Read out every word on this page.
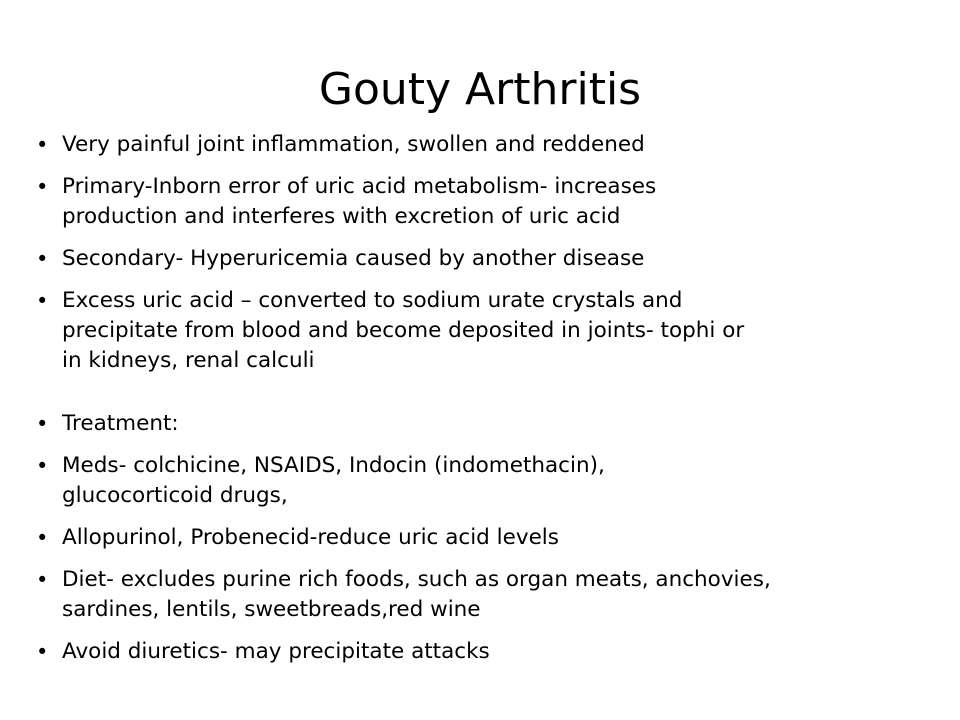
Gouty Arthritis
• Very painful joint inflammation, swollen and reddened
• Primary-Inborn error of uric acid metabolism- increases
production and interferes with excretion of uric acid
• Secondary- Hyperuricemia caused by another disease
• Excess uric acid – converted to sodium urate crystals and
precipitate from blood and become deposited in joints- tophi or
in kidneys, renal calculi
• Treatment:
• Meds- colchicine, NSAIDS, Indocin (indomethacin),
glucocorticoid drugs,
• Allopurinol, Probenecid-reduce uric acid levels
• Diet- excludes purine rich foods, such as organ meats, anchovies,
sardines, lentils, sweetbreads,red wine
• Avoid diuretics- may precipitate attacks
